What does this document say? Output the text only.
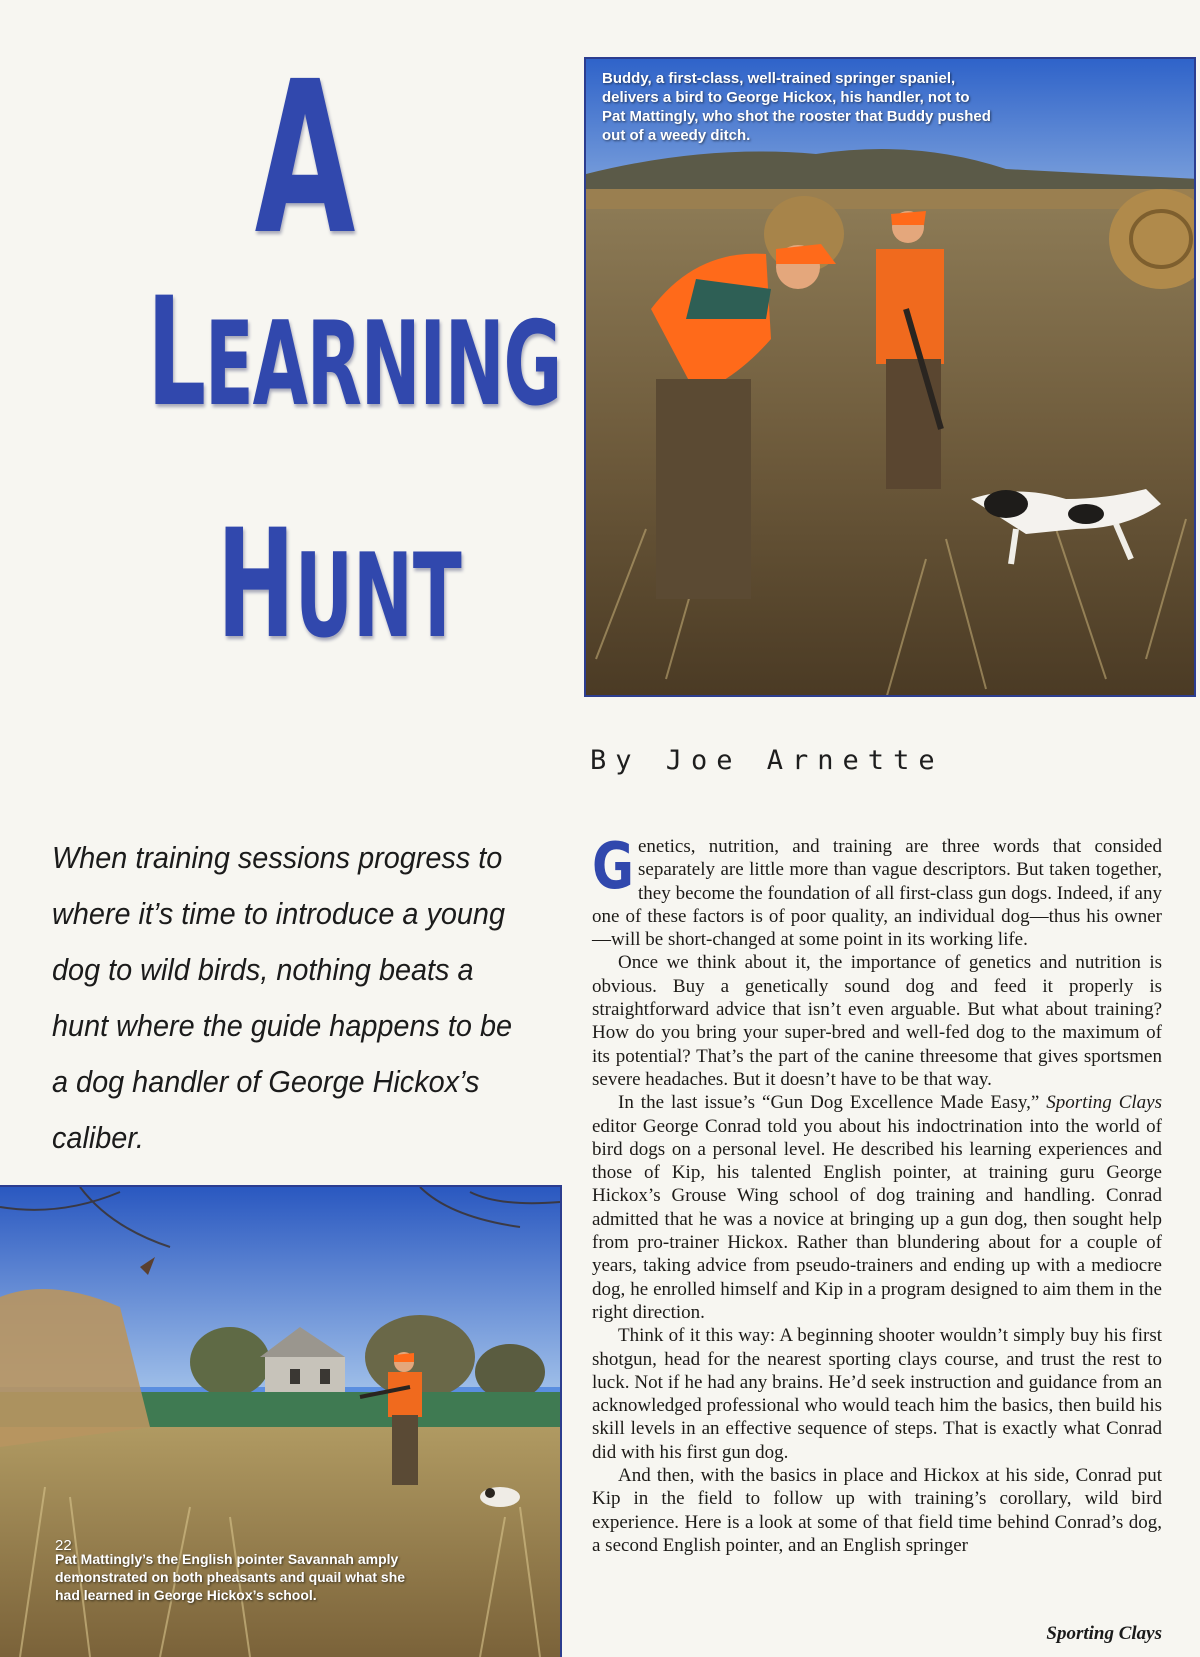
A
LEARNING
HUNT
Buddy, a first-class, well-trained springer spaniel,
delivers a bird to George Hickox, his handler, not to
Pat Mattingly, who shot the rooster that Buddy pushed
out of a weedy ditch.
By Joe Arnette
When training sessions progress to
where it’s time to introduce a young
dog to wild birds, nothing beats a
hunt where the guide happens to be
a dog handler of George Hickox’s
caliber.
Pat Mattingly’s the English pointer Savannah amply
demonstrated on both pheasants and quail what she
had learned in George Hickox’s school.
22

Genetics, nutrition, and training are three words that consided separately are little more than vague descriptors. But taken together, they become the foundation of all first-class gun dogs. Indeed, if any one of these factors is of poor quality, an individual dog—thus his owner—will be short-changed at some point in its working life.

Once we think about it, the importance of genetics and nutrition is obvious. Buy a genetically sound dog and feed it properly is straightforward advice that isn’t even arguable. But what about training? How do you bring your super-bred and well-fed dog to the maximum of its potential? That’s the part of the canine threesome that gives sportsmen severe headaches. But it doesn’t have to be that way.

In the last issue’s “Gun Dog Excellence Made Easy,” Sporting Clays editor George Conrad told you about his indoctrination into the world of bird dogs on a personal level. He described his learning experiences and those of Kip, his talented English pointer, at training guru George Hickox’s Grouse Wing school of dog training and handling. Conrad admitted that he was a novice at bringing up a gun dog, then sought help from pro-trainer Hickox. Rather than blundering about for a couple of years, taking advice from pseudo-trainers and ending up with a mediocre dog, he enrolled himself and Kip in a program designed to aim them in the right direction.

Think of it this way: A beginning shooter wouldn’t simply buy his first shotgun, head for the nearest sporting clays course, and trust the rest to luck. Not if he had any brains. He’d seek instruction and guidance from an acknowledged professional who would teach him the basics, then build his skill levels in an effective sequence of steps. That is exactly what Conrad did with his first gun dog.

And then, with the basics in place and Hickox at his side, Conrad put Kip in the field to follow up with training’s corollary, wild bird experience. Here is a look at some of that field time behind Conrad’s dog, a second English pointer, and an English springer

Sporting Clays
